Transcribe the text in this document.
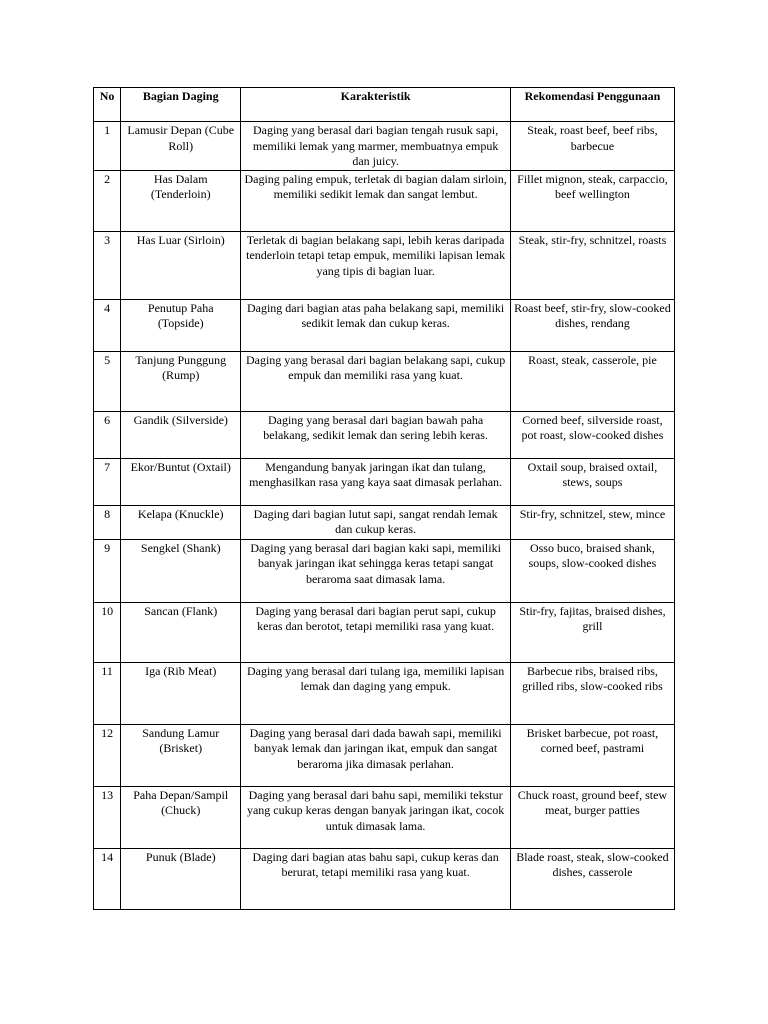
No	Bagian Daging	Karakteristik	Rekomendasi Penggunaan
1	Lamusir Depan (Cube Roll)	Daging yang berasal dari bagian tengah rusuk sapi, memiliki lemak yang marmer, membuatnya empuk dan juicy.	Steak, roast beef, beef ribs, barbecue
2	Has Dalam (Tenderloin)	Daging paling empuk, terletak di bagian dalam sirloin, memiliki sedikit lemak dan sangat lembut.	Fillet mignon, steak, carpaccio, beef wellington
3	Has Luar (Sirloin)	Terletak di bagian belakang sapi, lebih keras daripada tenderloin tetapi tetap empuk, memiliki lapisan lemak yang tipis di bagian luar.	Steak, stir-fry, schnitzel, roasts
4	Penutup Paha (Topside)	Daging dari bagian atas paha belakang sapi, memiliki sedikit lemak dan cukup keras.	Roast beef, stir-fry, slow-cooked dishes, rendang
5	Tanjung Punggung (Rump)	Daging yang berasal dari bagian belakang sapi, cukup empuk dan memiliki rasa yang kuat.	Roast, steak, casserole, pie
6	Gandik (Silverside)	Daging yang berasal dari bagian bawah paha belakang, sedikit lemak dan sering lebih keras.	Corned beef, silverside roast, pot roast, slow-cooked dishes
7	Ekor/Buntut (Oxtail)	Mengandung banyak jaringan ikat dan tulang, menghasilkan rasa yang kaya saat dimasak perlahan.	Oxtail soup, braised oxtail, stews, soups
8	Kelapa (Knuckle)	Daging dari bagian lutut sapi, sangat rendah lemak dan cukup keras.	Stir-fry, schnitzel, stew, mince
9	Sengkel (Shank)	Daging yang berasal dari bagian kaki sapi, memiliki banyak jaringan ikat sehingga keras tetapi sangat beraroma saat dimasak lama.	Osso buco, braised shank, soups, slow-cooked dishes
10	Sancan (Flank)	Daging yang berasal dari bagian perut sapi, cukup keras dan berotot, tetapi memiliki rasa yang kuat.	Stir-fry, fajitas, braised dishes, grill
11	Iga (Rib Meat)	Daging yang berasal dari tulang iga, memiliki lapisan lemak dan daging yang empuk.	Barbecue ribs, braised ribs, grilled ribs, slow-cooked ribs
12	Sandung Lamur (Brisket)	Daging yang berasal dari dada bawah sapi, memiliki banyak lemak dan jaringan ikat, empuk dan sangat beraroma jika dimasak perlahan.	Brisket barbecue, pot roast, corned beef, pastrami
13	Paha Depan/Sampil (Chuck)	Daging yang berasal dari bahu sapi, memiliki tekstur yang cukup keras dengan banyak jaringan ikat, cocok untuk dimasak lama.	Chuck roast, ground beef, stew meat, burger patties
14	Punuk (Blade)	Daging dari bagian atas bahu sapi, cukup keras dan berurat, tetapi memiliki rasa yang kuat.	Blade roast, steak, slow-cooked dishes, casserole
